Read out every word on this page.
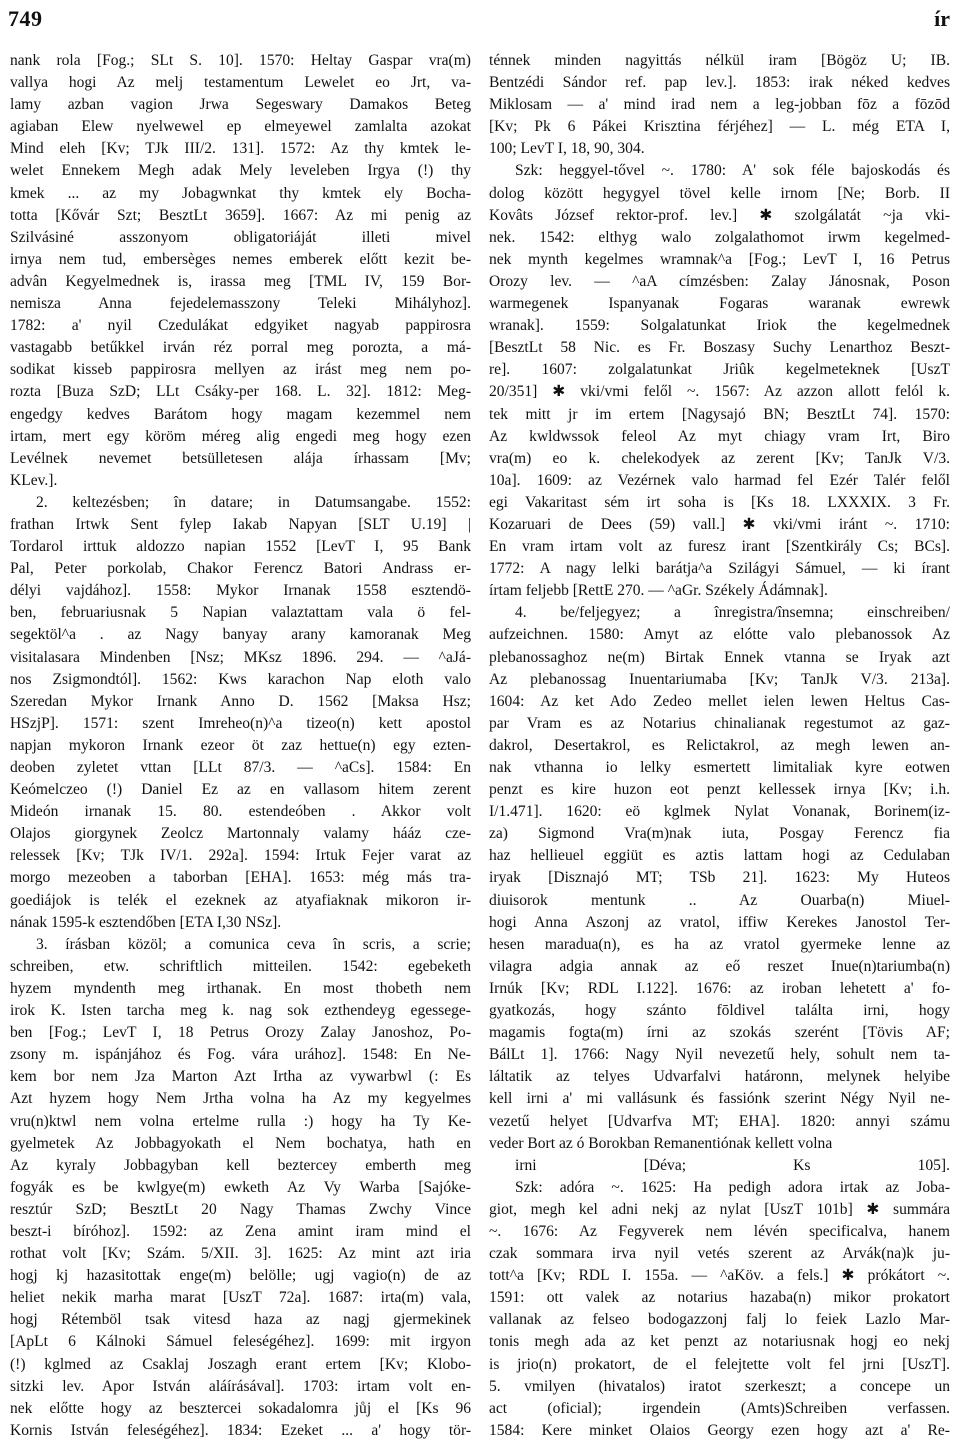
749	ír

nank rola [Fog.; SLt S. 10]. 1570: Heltay Gaspar vra(m)

vallya hogi Az melj testamentum Lewelet eo Jrt, va-

lamy azban vagion Jrwa Segeswary Damakos Beteg

agiaban Elew nyelwewel ep elmeyewel zamlalta azokat

Mind eleh [Kv; TJk III/2. 131]. 1572: Az thy kmtek le-

welet Ennekem Megh adak Mely leveleben Irgya (!) thy

kmek ... az my Jobagwnkat thy kmtek ely Bocha-

totta [Kővár Szt; BesztLt 3659]. 1667: Az mi penig az

Szilvásiné asszonyom obligatoriáját illeti mivel

irnya nem tud, embersèges nemes emberek előtt kezit be-

advân Kegyelmednek is, irassa meg [TML IV, 159 Bor-

nemisza Anna fejedelemasszony Teleki Mihályhoz].

1782: a' nyil Czedulákat edgyiket nagyab pappirosra

vastagabb betűkkel irván réz porral meg porozta, a má-

sodikat kisseb pappirosra mellyen az irást meg nem po-

rozta [Buza SzD; LLt Csáky-per 168. L. 32]. 1812: Meg-

engedgy kedves Barátom hogy magam kezemmel nem

irtam, mert egy köröm méreg alig engedi meg hogy ezen

Levélnek nevemet betsülletesen alája írhassam [Mv;

KLev.].

2. keltezésben; în datare; in Datumsangabe. 1552:

frathan Irtwk Sent fylep Iakab Napyan [SLT U.19] |

Tordarol irttuk aldozzo napian 1552 [LevT I, 95 Bank

Pal, Peter porkolab, Chakor Ferencz Batori Andrass er-

délyi vajdához]. 1558: Mykor Irnanak 1558 esztendö-

ben, februariusnak 5 Napian valaztattam vala ö fel-

segektöl^a . az Nagy banyay arany kamoranak Meg

visitalasara Mindenben [Nsz; MKsz 1896. 294. — ^aJá-

nos Zsigmondtól]. 1562: Kws karachon Nap eloth valo

Szeredan Mykor Irnank Anno D. 1562 [Maksa Hsz;

HSzjP]. 1571: szent Imreheo(n)^a tizeo(n) kett apostol

napjan mykoron Irnank ezeor öt zaz hettue(n) egy ezten-

deoben zyletet vttan [LLt 87/3. — ^aCs]. 1584: En

Keómelczeo (!) Daniel Ez az en vallasom hitem zerent

Mideón irnanak 15. 80. estendeóben . Akkor volt

Olajos giorgynek Zeolcz Martonnaly valamy hááz cze-

relessek [Kv; TJk IV/1. 292a]. 1594: Irtuk Fejer varat az

morgo mezeoben a taborban [EHA]. 1653: még más tra-

goediájok is telék el ezeknek az atyafiaknak mikoron ir-

nának 1595-k esztendőben [ETA I,30 NSz].

3. írásban közöl; a comunica ceva în scris, a scrie;

schreiben, etw. schriftlich mitteilen. 1542: egebeketh

hyzem myndenth meg irthanak. En most thobeth nem

irok K. Isten tarcha meg k. nag sok ezthendeyg egessege-

ben [Fog.; LevT I, 18 Petrus Orozy Zalay Janoshoz, Po-

zsony m. ispánjához és Fog. vára urához]. 1548: En Ne-

kem bor nem Jza Marton Azt Irtha az vywarbwl (: Es

Azt hyzem hogy Nem Jrtha volna ha Az my kegyelmes

vru(n)ktwl nem volna ertelme rulla :) hogy ha Ty Ke-

gyelmetek Az Jobbagyokath el Nem bochatya, hath en

Az kyraly Jobbagyban kell beztercey emberth meg

fogyák es be kwlgye(m) ewketh Az Vy Warba [Sajóke-

resztúr SzD; BesztLt 20 Nagy Thamas Zwchy Vince

beszt-i bíróhoz]. 1592: az Zena amint iram mind el

rothat volt [Kv; Szám. 5/XII. 3]. 1625: Az mint azt iria

hogj kj hazasitottak enge(m) belölle; ugj vagio(n) de az

heliet nekik marha marat [UszT 72a]. 1687: irta(m) vala,

hogj Rétemböl tsak vitesd haza az nagj gjermekinek

[ApLt 6 Kálnoki Sámuel feleségéhez]. 1699: mit irgyon

(!) kglmed az Csaklaj Joszagh erant ertem [Kv; Klobo-

sitzki lev. Apor István aláírásával]. 1703: irtam volt en-

nek előtte hogy az besztercei sokadalomra jůj el [Ks 96

Kornis István feleségéhez]. 1834: Ezeket ... a' hogy tör-

ténnek minden nagyittás nélkül iram [Bögöz U; IB.

Bentzédi Sándor ref. pap lev.]. 1853: irak néked kedves

Miklosam — a' mind irad nem a leg-jobban fōz a fōzōd

[Kv; Pk 6 Pákei Krisztina férjéhez] — L. még ETA I,

100; LevT I, 18, 90, 304.

Szk: heggyel-tővel ~. 1780: A' sok féle bajoskodás és

dolog között hegygyel tövel kelle irnom [Ne; Borb. II

Kovâts József rektor-prof. lev.] ✱ szolgálatát ~ja vki-

nek. 1542: elthyg walo zolgalathomot irwm kegelmed-

nek mynth kegelmes wramnak^a [Fog.; LevT I, 16 Petrus

Orozy lev. — ^aA címzésben: Zalay Jánosnak, Poson

warmegenek Ispanyanak Fogaras waranak ewrewk

wranak]. 1559: Solgalatunkat Iriok the kegelmednek

[BesztLt 58 Nic. es Fr. Boszasy Suchy Lenarthoz Beszt-

re]. 1607: zolgalatunkat Jriûk kegelmeteknek [UszT

20/351] ✱ vki/vmi felől ~. 1567: Az azzon allott felól k.

tek mitt jr im ertem [Nagysajó BN; BesztLt 74]. 1570:

Az kwldwssok feleol Az myt chiagy vram Irt, Biro

vra(m) eo k. chelekodyek az zerent [Kv; TanJk V/3.

10a]. 1609: az Vezérnek valo harmad fel Ezér Talér felől

egi Vakaritast sém irt soha is [Ks 18. LXXXIX. 3 Fr.

Kozaruari de Dees (59) vall.] ✱ vki/vmi iránt ~. 1710:

En vram irtam volt az furesz irant [Szentkirály Cs; BCs].

1772: A nagy lelki barátja^a Szilágyi Sámuel, — ki írant

írtam feljebb [RettE 270. — ^aGr. Székely Ádámnak].

4. be/feljegyez; a înregistra/însemna; einschreiben/

aufzeichnen. 1580: Amyt az elótte valo plebanossok Az

plebanossaghoz ne(m) Birtak Ennek vtanna se Iryak azt

Az plebanossag Inuentariumaba [Kv; TanJk V/3. 213a].

1604: Az ket Ado Zedeo mellet ielen lewen Heltus Cas-

par Vram es az Notarius chinalianak regestumot az gaz-

dakrol, Desertakrol, es Relictakrol, az megh lewen an-

nak vthanna io lelky esmertett limitaliak kyre eotwen

penzt es kire huzon eot penzt kellessek irnya [Kv; i.h.

I/1.471]. 1620: eö kglmek Nylat Vonanak, Borinem(iz-

za) Sigmond Vra(m)nak iuta, Posgay Ferencz fia

haz hellieuel eggiüt es aztis lattam hogi az Cedulaban

iryak [Disznajó MT; TSb 21]. 1623: My Huteos

diuisorok mentunk .. Az Ouarba(n) Miuel-

hogi Anna Aszonj az vratol, iffiw Kerekes Janostol Ter-

hesen maradua(n), es ha az vratol gyermeke lenne az

vilagra adgia annak az eő reszet Inue(n)tariumba(n)

Irnúk [Kv; RDL I.122]. 1676: az iroban lehetett a' fo-

gyatkozás, hogy szánto fōldivel találta irni, hogy

magamis fogta(m) írni az szokás szerént [Tövis AF;

BálLt 1]. 1766: Nagy Nyil nevezetű hely, sohult nem ta-

láltatik az telyes Udvarfalvi határonn, melynek helyibe

kell irni a' mi vallásunk és fassiónk szerint Négy Nyil ne-

vezetű helyet [Udvarfva MT; EHA]. 1820: annyi számu

veder Bort az ó Borokban Remanentiónak kellett volna

irni [Déva; Ks 105].

Szk: adóra ~. 1625: Ha pedigh adora irtak az Joba-

giot, megh kel adni nekj az nylat [UszT 101b] ✱ summára

~. 1676: Az Fegyverek nem lévén specificalva, hanem

czak sommara irva nyil vetés szerent az Arvák(na)k ju-

tott^a [Kv; RDL I. 155a. — ^aKöv. a fels.] ✱ prókátort ~.

1591: ott valek az notarius hazaba(n) mikor prokatort

vallanak az felseo bodogazzonj falj lo feiek Lazlo Mar-

tonis megh ada az ket penzt az notariusnak hogj eo nekj

is jrio(n) prokatort, de el felejtette volt fel jrni [UszT].

5. vmilyen (hivatalos) iratot szerkeszt; a concepe un

act (oficial); irgendein (Amts)Schreiben verfassen.

1584: Kere minket Olaios Georgy ezen hogy azt a' Re-
